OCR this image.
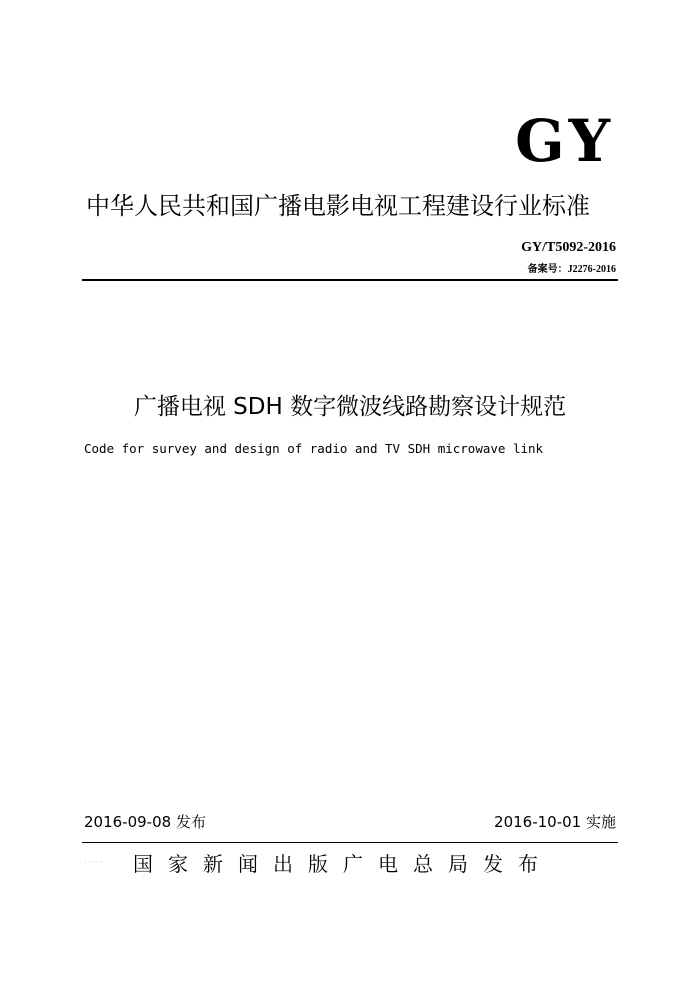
GY
中华人民共和国广播电影电视工程建设行业标准
GY/T5092-2016
备案号：J2276-2016
广播电视 SDH 数字微波线路勘察设计规范
Code for survey and design of radio and TV SDH microwave link
2016-09-08 发布	2016-10-01 实施
····· 国家新闻出版广电总局发布
